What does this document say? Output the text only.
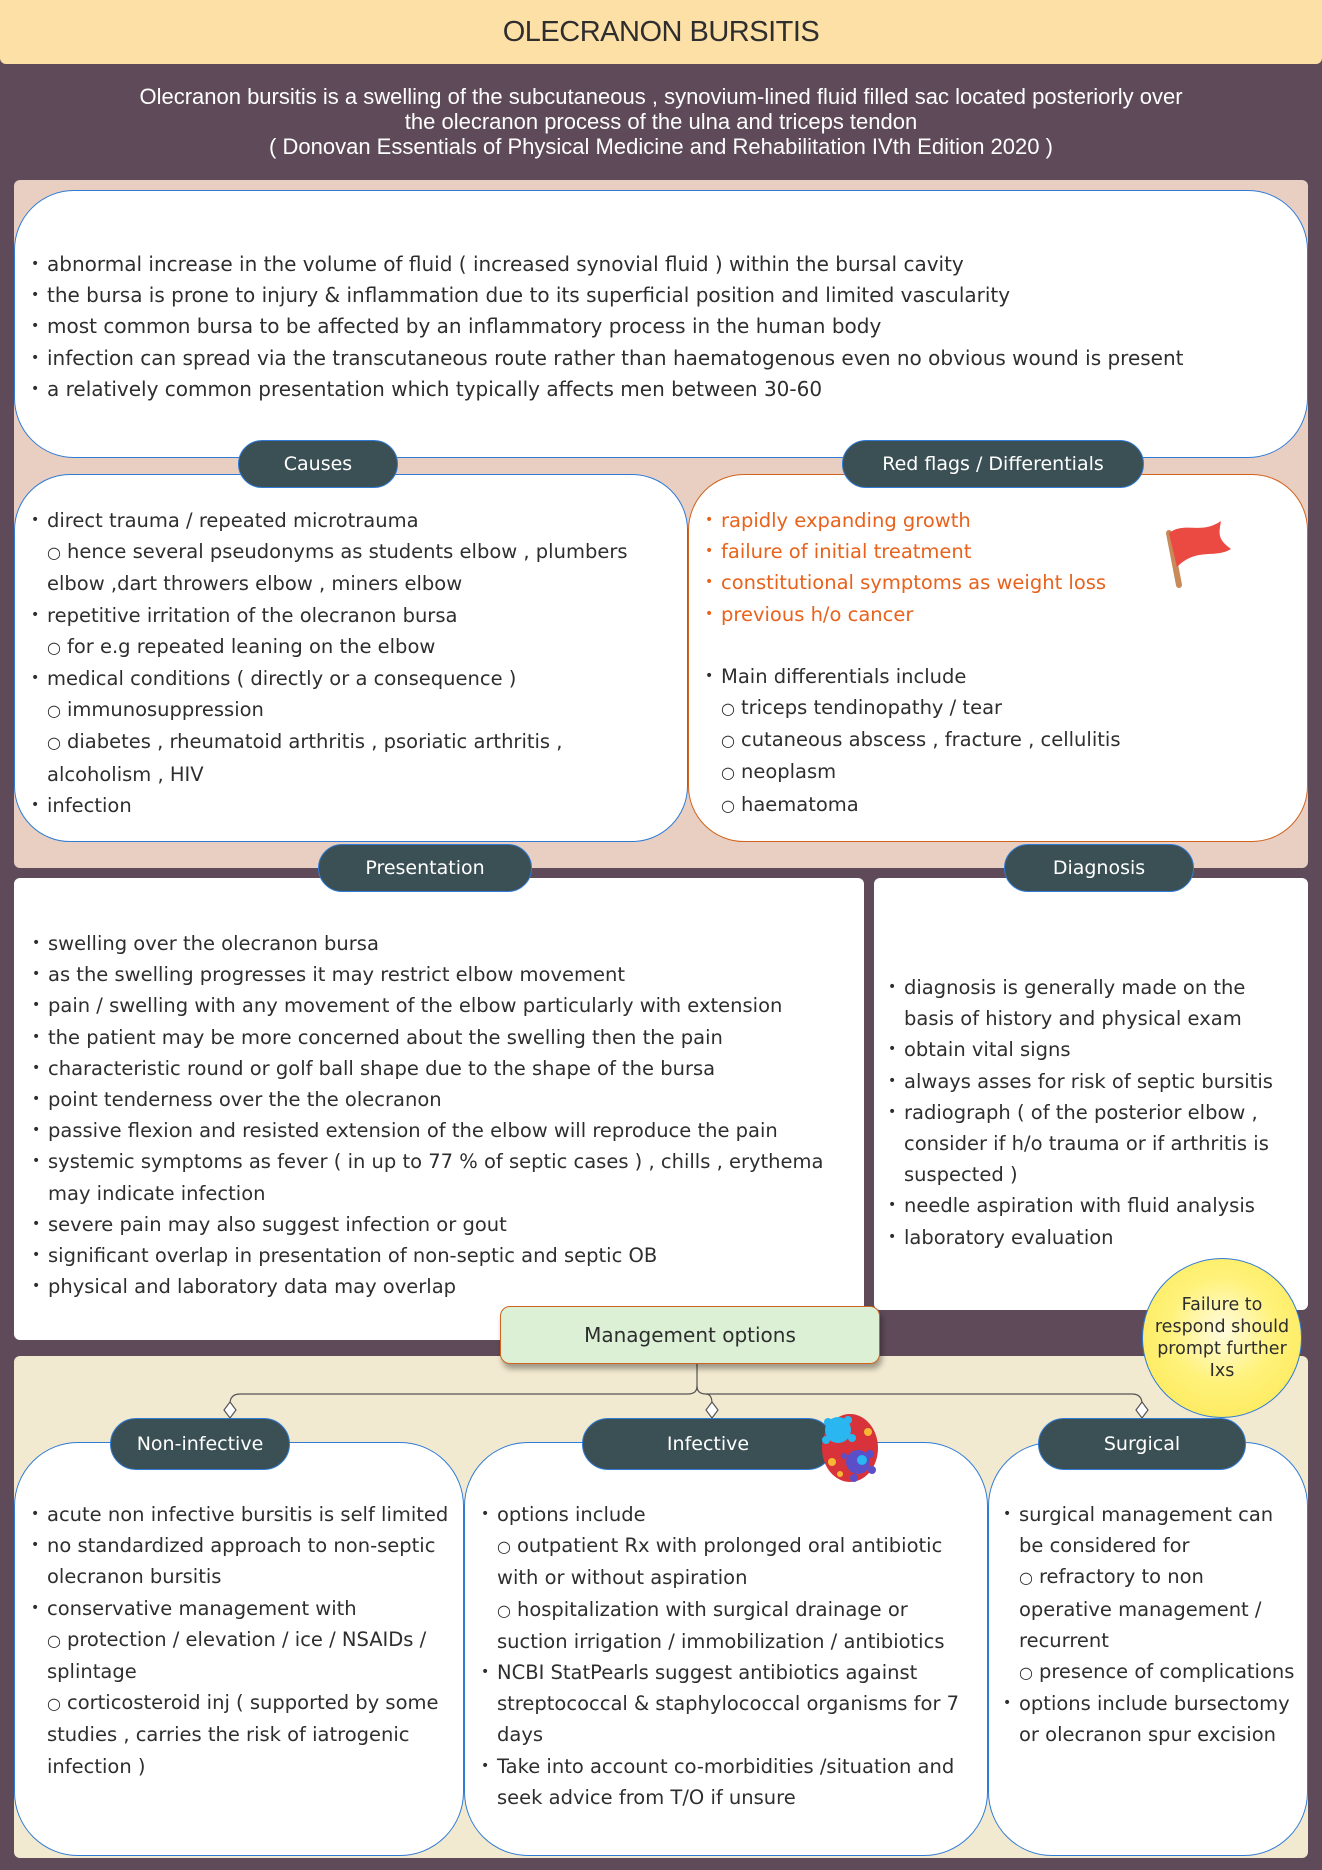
OLECRANON BURSITIS
Olecranon bursitis is a swelling of the subcutaneous , synovium-lined fluid filled sac located posteriorly over
the olecranon process of the ulna and triceps tendon
( Donovan Essentials of Physical Medicine and Rehabilitation IVth Edition 2020 )
• abnormal increase in the volume of fluid ( increased synovial fluid ) within the bursal cavity
• the bursa is prone to injury & inflammation due to its superficial position and limited vascularity
• most common bursa to be affected by an inflammatory process in the human body
• infection can spread via the transcutaneous route rather than haematogenous even no obvious wound is present
• a relatively common presentation which typically affects men between 30-60
• direct trauma / repeated microtrauma
○ hence several pseudonyms as students elbow , plumbers
elbow ,dart throwers elbow , miners elbow
• repetitive irritation of the olecranon bursa
○ for e.g repeated leaning on the elbow
• medical conditions ( directly or a consequence )
○ immunosuppression
○ diabetes , rheumatoid arthritis , psoriatic arthritis ,
alcoholism , HIV
• infection
Causes
• rapidly expanding growth
• failure of initial treatment
• constitutional symptoms as weight loss
• previous h/o cancer
• Main differentials include
○ triceps tendinopathy / tear
○ cutaneous abscess , fracture , cellulitis
○ neoplasm
○ haematoma
Red flags / Differentials
• swelling over the olecranon bursa
• as the swelling progresses it may restrict elbow movement
• pain / swelling with any movement of the elbow particularly with extension
• the patient may be more concerned about the swelling then the pain
• characteristic round or golf ball shape due to the shape of the bursa
• point tenderness over the the olecranon
• passive flexion and resisted extension of the elbow will reproduce the pain
• systemic symptoms as fever ( in up to 77 % of septic cases ) , chills , erythema may indicate infection
• severe pain may also suggest infection or gout
• significant overlap in presentation of non-septic and septic OB
• physical and laboratory data may overlap
Presentation
• diagnosis is generally made on the basis of history and physical exam
• obtain vital signs
• always asses for risk of septic bursitis
• radiograph ( of the posterior elbow , consider if h/o trauma or if arthritis is suspected )
• needle aspiration with fluid analysis
• laboratory evaluation
Diagnosis
Management options
• acute non infective bursitis is self limited
• no standardized approach to non-septic olecranon bursitis
• conservative management with
○ protection / elevation / ice / NSAIDs / splintage
○ corticosteroid inj ( supported by some studies , carries the risk of iatrogenic infection )
Non-infective
• options include
○ outpatient Rx with prolonged oral antibiotic with or without aspiration
○ hospitalization with surgical drainage or suction irrigation / immobilization / antibiotics
• NCBI StatPearls suggest antibiotics against streptococcal & staphylococcal organisms for 7 days
• Take into account co-morbidities /situation and seek advice from T/O if unsure
Infective
• surgical management can be considered for
○ refractory to non operative management / recurrent
○ presence of complications
• options include bursectomy or olecranon spur excision
Surgical
Failure to respond should prompt further Ixs
